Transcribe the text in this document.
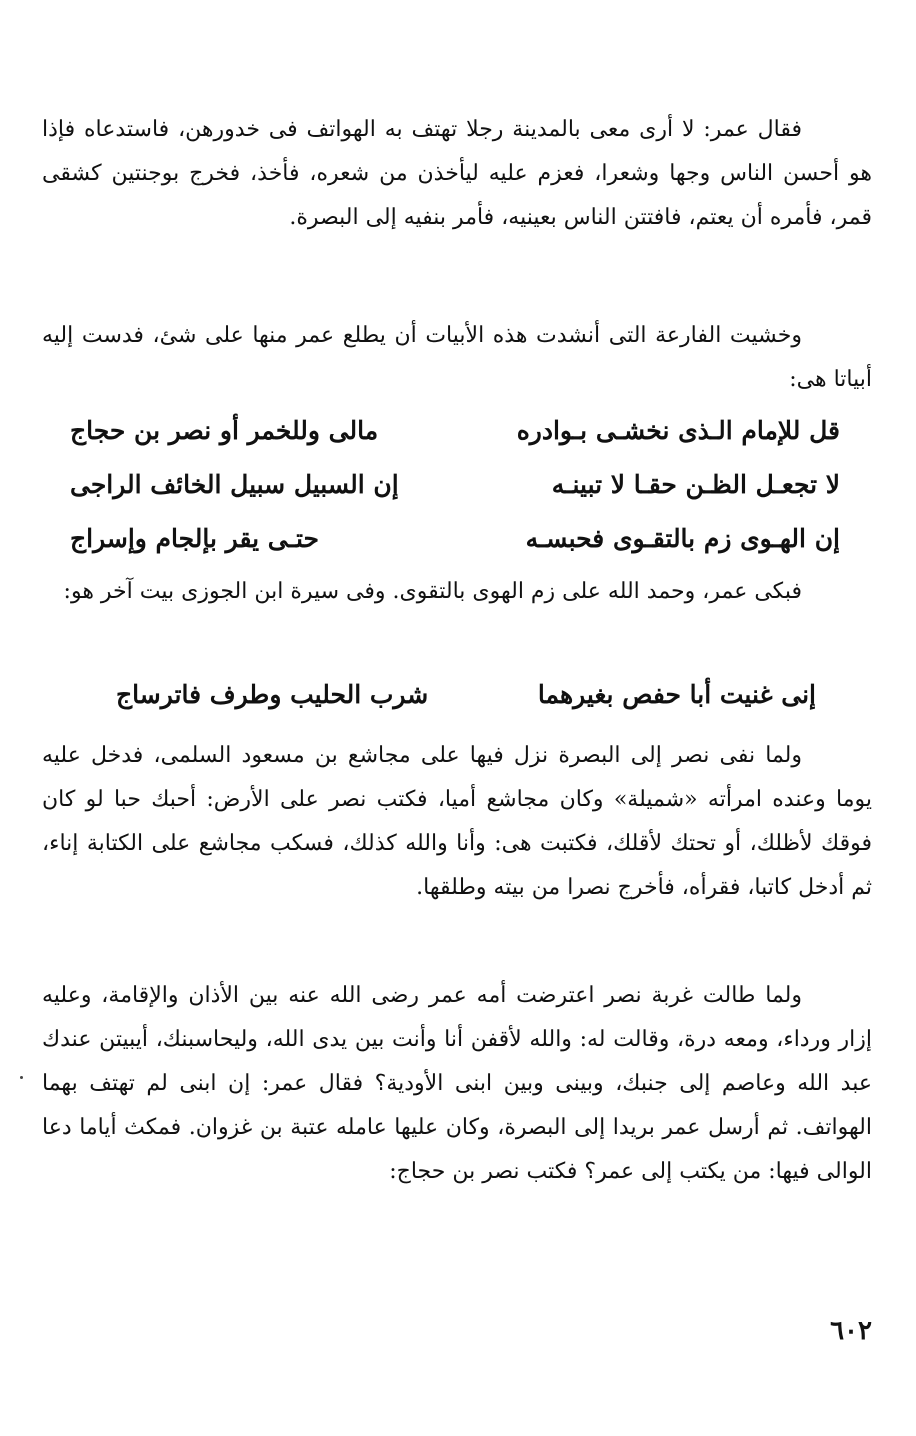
فقال عمر: لا أرى معى بالمدينة رجلا تهتف به الهواتف فى خدورهن، فاستدعاه فإذا هو أحسن الناس وجها وشعرا، فعزم عليه ليأخذن من شعره، فأخذ، فخرج بوجنتين كشقى قمر، فأمره أن يعتم، فافتتن الناس بعينيه، فأمر بنفيه إلى البصرة.

وخشيت الفارعة التى أنشدت هذه الأبيات أن يطلع عمر منها على شئ، فدست إليه أبياتا هى:

قل للإمام الـذى نخشـى بـوادره
مالى وللخمر أو نصر بن حجاج
لا تجعـل الظـن حقـا لا تبينـه
إن السبيل سبيل الخائف الراجى
إن الهـوى زم بالتقـوى فحبسـه
حتـى يقر بإلجام وإسراج

فبكى عمر، وحمد الله على زم الهوى بالتقوى. وفى سيرة ابن الجوزى بيت آخر هو:

إنى غنيت أبا حفص بغيرهما
شرب الحليب وطرف فاترساج

ولما نفى نصر إلى البصرة نزل فيها على مجاشع بن مسعود السلمى، فدخل عليه يوما وعنده امرأته «شميلة» وكان مجاشع أميا، فكتب نصر على الأرض: أحبك حبا لو كان فوقك لأظلك، أو تحتك لأقلك، فكتبت هى: وأنا والله كذلك، فسكب مجاشع على الكتابة إناء، ثم أدخل كاتبا، فقرأه، فأخرج نصرا من بيته وطلقها.

ولما طالت غربة نصر اعترضت أمه عمر رضى الله عنه بين الأذان والإقامة، وعليه إزار ورداء، ومعه درة، وقالت له: والله لأقفن أنا وأنت بين يدى الله، وليحاسبنك، أيبيتن عندك عبد الله وعاصم إلى جنبك، وبينى وبين ابنى الأودية؟ فقال عمر: إن ابنى لم تهتف بهما الهواتف. ثم أرسل عمر بريدا إلى البصرة، وكان عليها عامله عتبة بن غزوان. فمكث أياما دعا الوالى فيها: من يكتب إلى عمر؟ فكتب نصر بن حجاج:

٦٠٢
